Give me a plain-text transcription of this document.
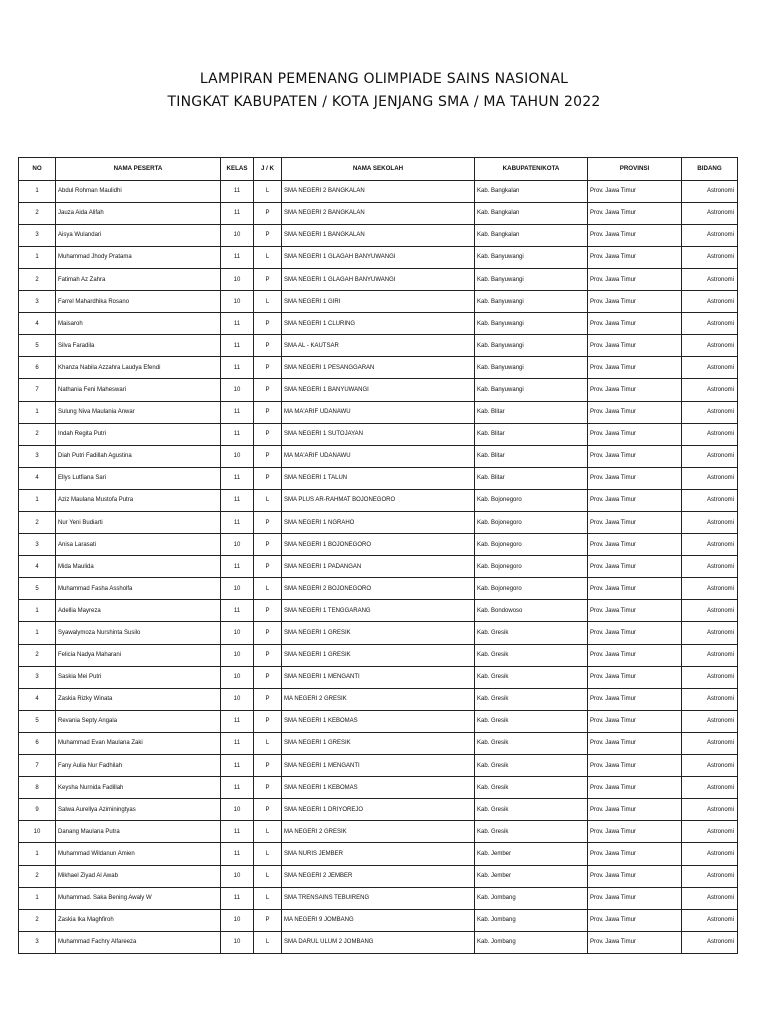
LAMPIRAN PEMENANG OLIMPIADE SAINS NASIONAL
TINGKAT KABUPATEN / KOTA JENJANG SMA / MA TAHUN 2022
NO	NAMA PESERTA	KELAS	J / K	NAMA SEKOLAH	KABUPATEN/KOTA	PROVINSI	BIDANG
1	Abdul Rohman Maulidhi	11	L	SMA NEGERI 2 BANGKALAN	Kab. Bangkalan	Prov. Jawa Timur	Astronomi
2	Jauza Aida Alifah	11	P	SMA NEGERI 2 BANGKALAN	Kab. Bangkalan	Prov. Jawa Timur	Astronomi
3	Aisya Wulandari	10	P	SMA NEGERI 1 BANGKALAN	Kab. Bangkalan	Prov. Jawa Timur	Astronomi
1	Muhammad Jhody Pratama	11	L	SMA NEGERI 1 GLAGAH BANYUWANGI	Kab. Banyuwangi	Prov. Jawa Timur	Astronomi
2	Fatimah Az Zahra	10	P	SMA NEGERI 1 GLAGAH BANYUWANGI	Kab. Banyuwangi	Prov. Jawa Timur	Astronomi
3	Farrel Mahardhika Rosano	10	L	SMA NEGERI 1 GIRI	Kab. Banyuwangi	Prov. Jawa Timur	Astronomi
4	Maisaroh	11	P	SMA NEGERI 1 CLURING	Kab. Banyuwangi	Prov. Jawa Timur	Astronomi
5	Silva Faradila	11	P	SMA AL - KAUTSAR	Kab. Banyuwangi	Prov. Jawa Timur	Astronomi
6	Khanza Nabila Azzahra Laudya Efendi	11	P	SMA NEGERI 1 PESANGGARAN	Kab. Banyuwangi	Prov. Jawa Timur	Astronomi
7	Nathania Feni Maheswari	10	P	SMA NEGERI 1 BANYUWANGI	Kab. Banyuwangi	Prov. Jawa Timur	Astronomi
1	Sulung Niva Maulania Anwar	11	P	MA MA'ARIF UDANAWU	Kab. Blitar	Prov. Jawa Timur	Astronomi
2	Indah Regita Putri	11	P	SMA NEGERI 1 SUTOJAYAN	Kab. Blitar	Prov. Jawa Timur	Astronomi
3	Diah Putri Fadillah Agustina	10	P	MA MA'ARIF UDANAWU	Kab. Blitar	Prov. Jawa Timur	Astronomi
4	Ellys Lutfiana Sari	11	P	SMA NEGERI 1 TALUN	Kab. Blitar	Prov. Jawa Timur	Astronomi
1	Aziz Maulana Mustofa Putra	11	L	SMA PLUS AR-RAHMAT BOJONEGORO	Kab. Bojonegoro	Prov. Jawa Timur	Astronomi
2	Nur Yeni Budiarti	11	P	SMA NEGERI 1 NGRAHO	Kab. Bojonegoro	Prov. Jawa Timur	Astronomi
3	Anisa Larasati	10	P	SMA NEGERI 1 BOJONEGORO	Kab. Bojonegoro	Prov. Jawa Timur	Astronomi
4	Mida Maulida	11	P	SMA NEGERI 1 PADANGAN	Kab. Bojonegoro	Prov. Jawa Timur	Astronomi
5	Muhammad Fasha Assholfa	10	L	SMA NEGERI 2 BOJONEGORO	Kab. Bojonegoro	Prov. Jawa Timur	Astronomi
1	Adellia Mayreza	11	P	SMA NEGERI 1 TENGGARANG	Kab. Bondowoso	Prov. Jawa Timur	Astronomi
1	Syawalymoza Nurshinta Susilo	10	P	SMA NEGERI 1 GRESIK	Kab. Gresik	Prov. Jawa Timur	Astronomi
2	Felicia Nadya Maharani	10	P	SMA NEGERI 1 GRESIK	Kab. Gresik	Prov. Jawa Timur	Astronomi
3	Saskia Mei Putri	10	P	SMA NEGERI 1 MENGANTI	Kab. Gresik	Prov. Jawa Timur	Astronomi
4	Zaskia Rizky Winata	10	P	MA NEGERI 2 GRESIK	Kab. Gresik	Prov. Jawa Timur	Astronomi
5	Revania Septy Angala	11	P	SMA NEGERI 1 KEBOMAS	Kab. Gresik	Prov. Jawa Timur	Astronomi
6	Muhammad Evan Maulana Zaki	11	L	SMA NEGERI 1 GRESIK	Kab. Gresik	Prov. Jawa Timur	Astronomi
7	Fany Aulia Nur Fadhilah	11	P	SMA NEGERI 1 MENGANTI	Kab. Gresik	Prov. Jawa Timur	Astronomi
8	Keysha Nurnida Fadillah	11	P	SMA NEGERI 1 KEBOMAS	Kab. Gresik	Prov. Jawa Timur	Astronomi
9	Salwa Aurellya Aziminingtyas	10	P	SMA NEGERI 1 DRIYOREJO	Kab. Gresik	Prov. Jawa Timur	Astronomi
10	Danang Maulana Putra	11	L	MA NEGERI 2 GRESIK	Kab. Gresik	Prov. Jawa Timur	Astronomi
1	Muhammad Wildanun Amien	11	L	SMA NURIS JEMBER	Kab. Jember	Prov. Jawa Timur	Astronomi
2	Mikhael Ziyad Al Awab	10	L	SMA NEGERI 2 JEMBER	Kab. Jember	Prov. Jawa Timur	Astronomi
1	Muhammad. Saka Bening Awaly W	11	L	SMA TRENSAINS TEBUIRENG	Kab. Jombang	Prov. Jawa Timur	Astronomi
2	Zaskia Ika Maghfiroh	10	P	MA NEGERI 9 JOMBANG	Kab. Jombang	Prov. Jawa Timur	Astronomi
3	Muhammad Fachry Alfareeza	10	L	SMA DARUL ULUM 2 JOMBANG	Kab. Jombang	Prov. Jawa Timur	Astronomi
